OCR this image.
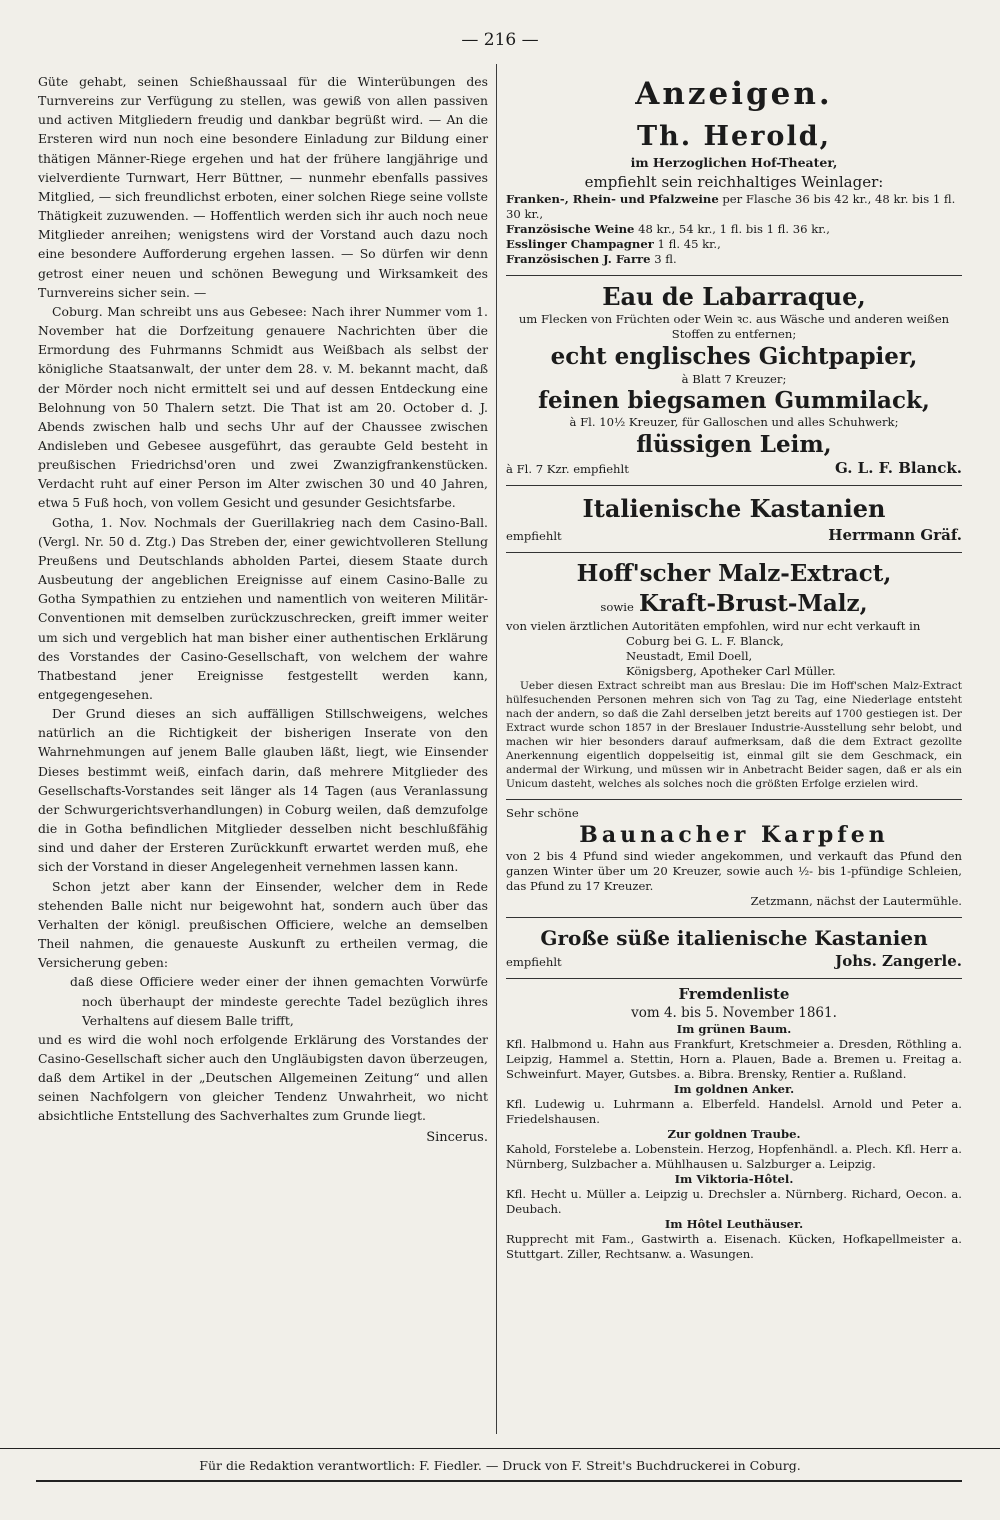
— 216 —

Güte gehabt, seinen Schießhaussaal für die Winterübungen des Turnvereins zur Verfügung zu stellen, was gewiß von allen passiven und activen Mitgliedern freudig und dankbar begrüßt wird. — An die Ersteren wird nun noch eine besondere Einladung zur Bildung einer thätigen Männer-Riege ergehen und hat der frühere langjährige und vielverdiente Turnwart, Herr Büttner, — nunmehr ebenfalls passives Mitglied, — sich freundlichst erboten, einer solchen Riege seine vollste Thätigkeit zuzuwenden. — Hoffentlich werden sich ihr auch noch neue Mitglieder anreihen; wenigstens wird der Vorstand auch dazu noch eine besondere Aufforderung ergehen lassen. — So dürfen wir denn getrost einer neuen und schönen Bewegung und Wirksamkeit des Turnvereins sicher sein. —

Coburg. Man schreibt uns aus Gebesee: Nach ihrer Nummer vom 1. November hat die Dorfzeitung genauere Nachrichten über die Ermordung des Fuhrmanns Schmidt aus Weißbach als selbst der königliche Staatsanwalt, der unter dem 28. v. M. bekannt macht, daß der Mörder noch nicht ermittelt sei und auf dessen Entdeckung eine Belohnung von 50 Thalern setzt. Die That ist am 20. October d. J. Abends zwischen halb und sechs Uhr auf der Chaussee zwischen Andisleben und Gebesee ausgeführt, das geraubte Geld besteht in preußischen Friedrichsd'oren und zwei Zwanzigfrankenstücken. Verdacht ruht auf einer Person im Alter zwischen 30 und 40 Jahren, etwa 5 Fuß hoch, von vollem Gesicht und gesunder Gesichtsfarbe.

Gotha, 1. Nov. Nochmals der Guerillakrieg nach dem Casino-Ball. (Vergl. Nr. 50 d. Ztg.) Das Streben der, einer gewichtvolleren Stellung Preußens und Deutschlands abholden Partei, diesem Staate durch Ausbeutung der angeblichen Ereignisse auf einem Casino-Balle zu Gotha Sympathien zu entziehen und namentlich von weiteren Militär-Conventionen mit demselben zurückzuschrecken, greift immer weiter um sich und vergeblich hat man bisher einer authentischen Erklärung des Vorstandes der Casino-Gesellschaft, von welchem der wahre Thatbestand jener Ereignisse festgestellt werden kann, entgegengesehen.

Der Grund dieses an sich auffälligen Stillschweigens, welches natürlich an die Richtigkeit der bisherigen Inserate von den Wahrnehmungen auf jenem Balle glauben läßt, liegt, wie Einsender Dieses bestimmt weiß, einfach darin, daß mehrere Mitglieder des Gesellschafts-Vorstandes seit länger als 14 Tagen (aus Veranlassung der Schwurgerichtsverhandlungen) in Coburg weilen, daß demzufolge die in Gotha befindlichen Mitglieder desselben nicht beschlußfähig sind und daher der Ersteren Zurückkunft erwartet werden muß, ehe sich der Vorstand in dieser Angelegenheit vernehmen lassen kann.

Schon jetzt aber kann der Einsender, welcher dem in Rede stehenden Balle nicht nur beigewohnt hat, sondern auch über das Verhalten der königl. preußischen Officiere, welche an demselben Theil nahmen, die genaueste Auskunft zu ertheilen vermag, die Versicherung geben:

daß diese Officiere weder einer der ihnen gemachten Vorwürfe noch überhaupt der mindeste gerechte Tadel bezüglich ihres Verhaltens auf diesem Balle trifft,

und es wird die wohl noch erfolgende Erklärung des Vorstandes der Casino-Gesellschaft sicher auch den Ungläubigsten davon überzeugen, daß dem Artikel in der „Deutschen Allgemeinen Zeitung“ und allen seinen Nachfolgern von gleicher Tendenz Unwahrheit, wo nicht absichtliche Entstellung des Sachverhaltes zum Grunde liegt.

Sincerus.
Anzeigen.
Th. Herold,
im Herzoglichen Hof-Theater,
empfiehlt sein reichhaltiges Weinlager:
Franken-, Rhein- und Pfalzweine per Flasche 36 bis 42 kr., 48 kr. bis 1 fl. 30 kr.,
Französische Weine 48 kr., 54 kr., 1 fl. bis 1 fl. 36 kr.,
Esslinger Champagner 1 fl. 45 kr.,
Französischen J. Farre 3 fl.
Eau de Labarraque,
um Flecken von Früchten oder Wein ꝛc. aus Wäsche und anderen weißen Stoffen zu entfernen;
echt englisches Gichtpapier,
à Blatt 7 Kreuzer;
feinen biegsamen Gummilack,
à Fl. 10½ Kreuzer, für Galloschen und alles Schuhwerk;
flüssigen Leim,
à Fl. 7 Kzr. empfiehlt	G. L. F. Blanck.
Italienische Kastanien
empfiehlt	Herrmann Gräf.
Hoff'scher Malz-Extract,
sowie Kraft-Brust-Malz,
von vielen ärztlichen Autoritäten empfohlen, wird nur echt verkauft in
Coburg bei G. L. F. Blanck,
Neustadt, Emil Doell,
Königsberg, Apotheker Carl Müller.
Ueber diesen Extract schreibt man aus Breslau: Die im Hoff'schen Malz-Extract hülfesuchenden Personen mehren sich von Tag zu Tag, eine Niederlage entsteht nach der andern, so daß die Zahl derselben jetzt bereits auf 1700 gestiegen ist. Der Extract wurde schon 1857 in der Breslauer Industrie-Ausstellung sehr belobt, und machen wir hier besonders darauf aufmerksam, daß die dem Extract gezollte Anerkennung eigentlich doppelseitig ist, einmal gilt sie dem Geschmack, ein andermal der Wirkung, und müssen wir in Anbetracht Beider sagen, daß er als ein Unicum dasteht, welches als solches noch die größten Erfolge erzielen wird.
Sehr schöne
Baunacher Karpfen
von 2 bis 4 Pfund sind wieder angekommen, und verkauft das Pfund den ganzen Winter über um 20 Kreuzer, sowie auch ½- bis 1-pfündige Schleien, das Pfund zu 17 Kreuzer.
Zetzmann, nächst der Lautermühle.
Große süße italienische Kastanien
empfiehlt	Johs. Zangerle.
Fremdenliste
vom 4. bis 5. November 1861.
Im grünen Baum.
Kfl. Halbmond u. Hahn aus Frankfurt, Kretschmeier a. Dresden, Röthling a. Leipzig, Hammel a. Stettin, Horn a. Plauen, Bade a. Bremen u. Freitag a. Schweinfurt. Mayer, Gutsbes. a. Bibra. Brensky, Rentier a. Rußland.
Im goldnen Anker.
Kfl. Ludewig u. Luhrmann a. Elberfeld. Handelsl. Arnold und Peter a. Friedelshausen.
Zur goldnen Traube.
Kahold, Forstelebe a. Lobenstein. Herzog, Hopfenhändl. a. Plech. Kfl. Herr a. Nürnberg, Sulzbacher a. Mühlhausen u. Salzburger a. Leipzig.
Im Viktoria-Hôtel.
Kfl. Hecht u. Müller a. Leipzig u. Drechsler a. Nürnberg. Richard, Oecon. a. Deubach.
Im Hôtel Leuthäuser.
Rupprecht mit Fam., Gastwirth a. Eisenach. Kücken, Hofkapellmeister a. Stuttgart. Ziller, Rechtsanw. a. Wasungen.
Für die Redaktion verantwortlich: F. Fiedler. — Druck von F. Streit's Buchdruckerei in Coburg.
